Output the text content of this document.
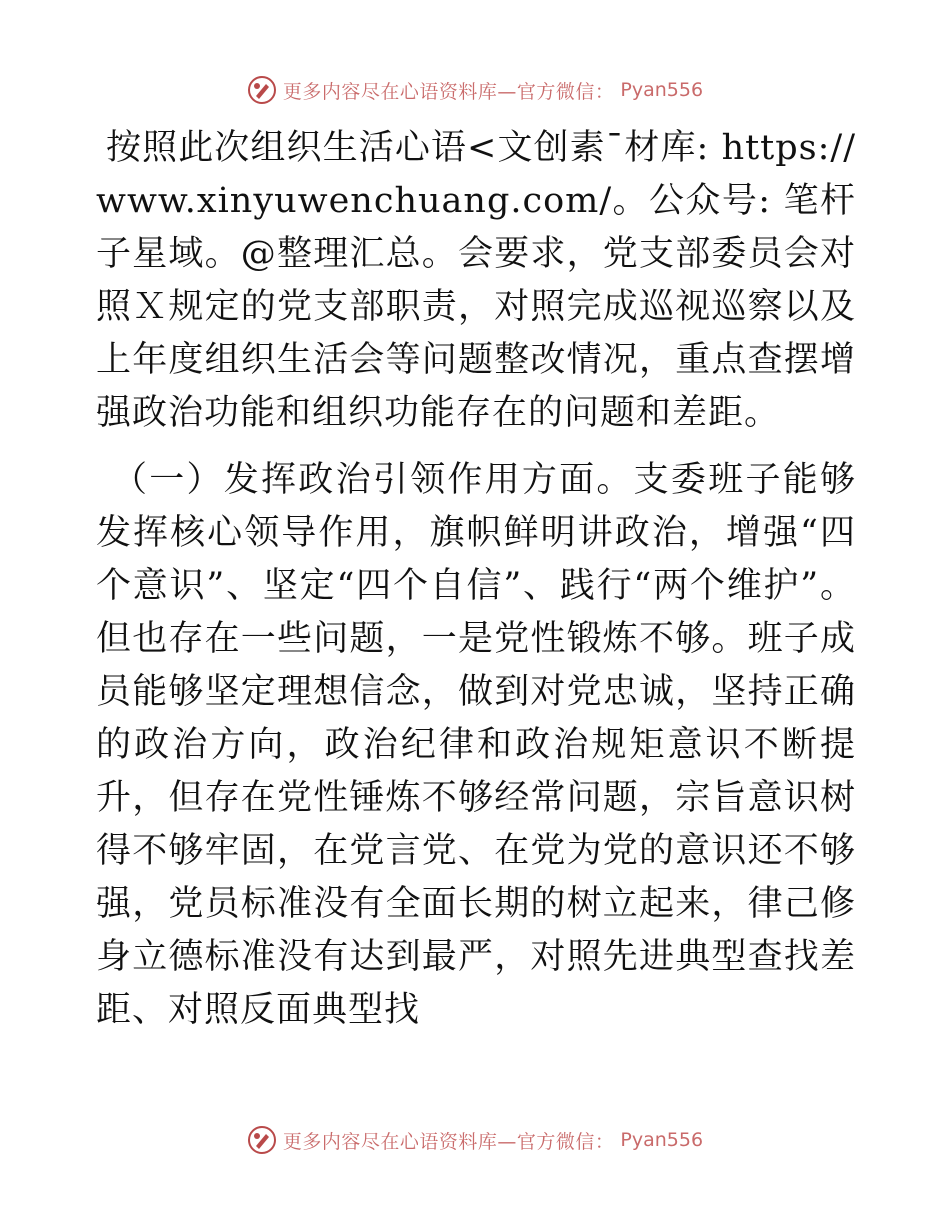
更多内容尽在心语资料库—官方微信： Pyan556

按照此次组织生活心语<文创素¯材库: https://www.xinyuwenchuang.com/。公众号: 笔杆子星域。@整理汇总。会要求，党支部委员会对照Ｘ规定的党支部职责，对照完成巡视巡察以及上年度组织生活会等问题整改情况，重点查摆增强政治功能和组织功能存在的问题和差距。

（一）发挥政治引领作用方面。支委班子能够发挥核心领导作用，旗帜鲜明讲政治，增强“四个意识”、坚定“四个自信”、践行“两个维护”。但也存在一些问题，一是党性锻炼不够。班子成员能够坚定理想信念，做到对党忠诚，坚持正确的政治方向，政治纪律和政治规矩意识不断提升，但存在党性锤炼不够经常问题，宗旨意识树得不够牢固，在党言党、在党为党的意识还不够强，党员标准没有全面长期的树立起来，律己修身立德标准没有达到最严，对照先进典型查找差距、对照反面典型找

更多内容尽在心语资料库—官方微信： Pyan556
